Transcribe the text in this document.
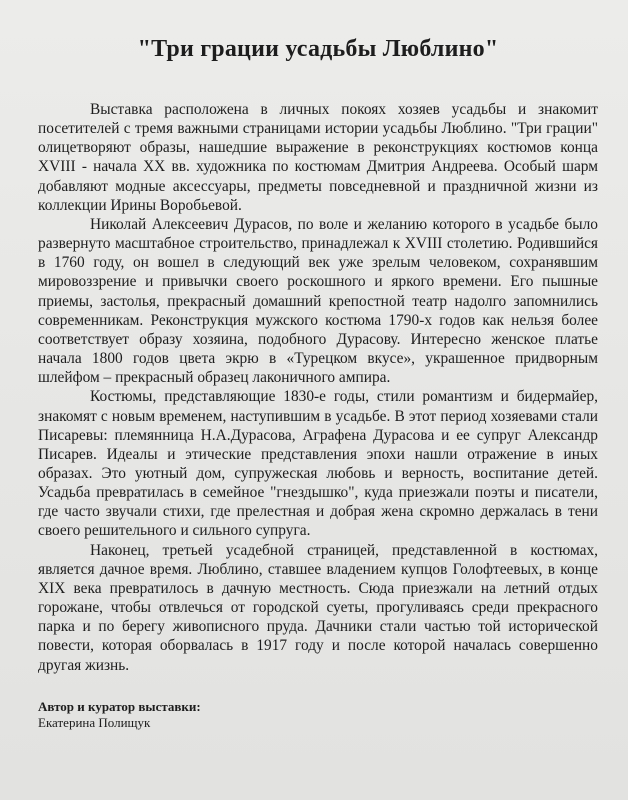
"Три грации усадьбы Люблино"

Выставка расположена в личных покоях хозяев усадьбы и знакомит посетителей с тремя важными страницами истории усадьбы Люблино. "Три грации" олицетворяют образы, нашедшие выражение в реконструкциях костюмов конца XVIII - начала XX вв. художника по костюмам Дмитрия Андреева. Особый шарм добавляют модные аксессуары, предметы повседневной и праздничной жизни из коллекции Ирины Воробьевой.

Николай Алексеевич Дурасов, по воле и желанию которого в усадьбе было развернуто масштабное строительство, принадлежал к XVIII столетию. Родившийся в 1760 году, он вошел в следующий век уже зрелым человеком, сохранявшим мировоззрение и привычки своего роскошного и яркого времени. Его пышные приемы, застолья, прекрасный домашний крепостной театр надолго запомнились современникам. Реконструкция мужского костюма 1790-х годов как нельзя более соответствует образу хозяина, подобного Дурасову. Интересно женское платье начала 1800 годов цвета экрю в «Турецком вкусе», украшенное придворным шлейфом – прекрасный образец лаконичного ампира.

Костюмы, представляющие 1830-е годы, стили романтизм и бидермайер, знакомят с новым временем, наступившим в усадьбе. В этот период хозяевами стали Писаревы: племянница Н.А.Дурасова, Аграфена Дурасова и ее супруг Александр Писарев. Идеалы и этические представления эпохи нашли отражение в иных образах. Это уютный дом, супружеская любовь и верность, воспитание детей. Усадьба превратилась в семейное "гнездышко", куда приезжали поэты и писатели, где часто звучали стихи, где прелестная и добрая жена скромно держалась в тени своего решительного и сильного супруга.

Наконец, третьей усадебной страницей, представленной в костюмах, является дачное время. Люблино, ставшее владением купцов Голофтеевых, в конце XIX века превратилось в дачную местность. Сюда приезжали на летний отдых горожане, чтобы отвлечься от городской суеты, прогуливаясь среди прекрасного парка и по берегу живописного пруда. Дачники стали частью той исторической повести, которая оборвалась в 1917 году и после которой началась совершенно другая жизнь.

Автор и куратор выставки:
Екатерина Полищук
